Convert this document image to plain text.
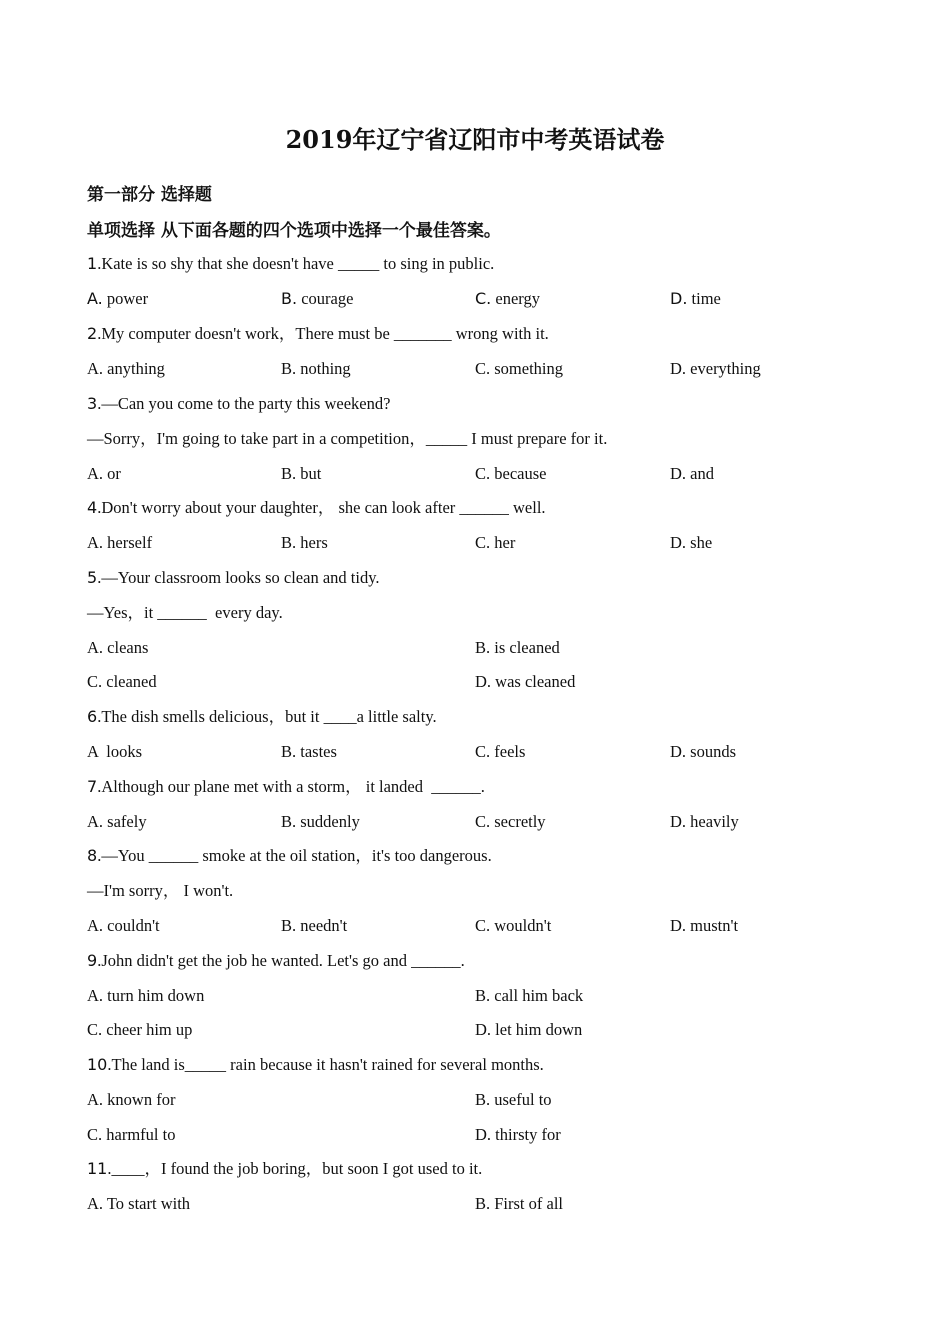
2019年辽宁省辽阳市中考英语试卷
第一部分 选择题
单项选择 从下面各题的四个选项中选择一个最佳答案。
1.Kate is so shy that she doesn't have _____ to sing in public.
A. power	B. courage	C. energy	D. time
2.My computer doesn't work，There must be _______ wrong with it.
A. anything	B. nothing	C. something	D. everything
3.—Can you come to the party this weekend?
—Sorry，I'm going to take part in a competition，_____ I must prepare for it.
A. or	B. but	C. because	D. and
4.Don't worry about your daughter， she can look after ______ well.
A. herself	B. hers	C. her	D. she
5.—Your classroom looks so clean and tidy.
—Yes，it ______  every day.
A. cleans	B. is cleaned
C. cleaned	D. was cleaned
6.The dish smells delicious，but it ____a little salty.
A  looks	B. tastes	C. feels	D. sounds
7.Although our plane met with a storm， it landed  ______.
A. safely	B. suddenly	C. secretly	D. heavily
8.—You ______ smoke at the oil station，it's too dangerous.
—I'm sorry， I won't.
A. couldn't	B. needn't	C. wouldn't	D. mustn't
9.John didn't get the job he wanted. Let's go and ______.
A. turn him down	B. call him back
C. cheer him up	D. let him down
10.The land is_____ rain because it hasn't rained for several months.
A. known for	B. useful to
C. harmful to	D. thirsty for
11.____，I found the job boring，but soon I got used to it.
A. To start with	B. First of all
